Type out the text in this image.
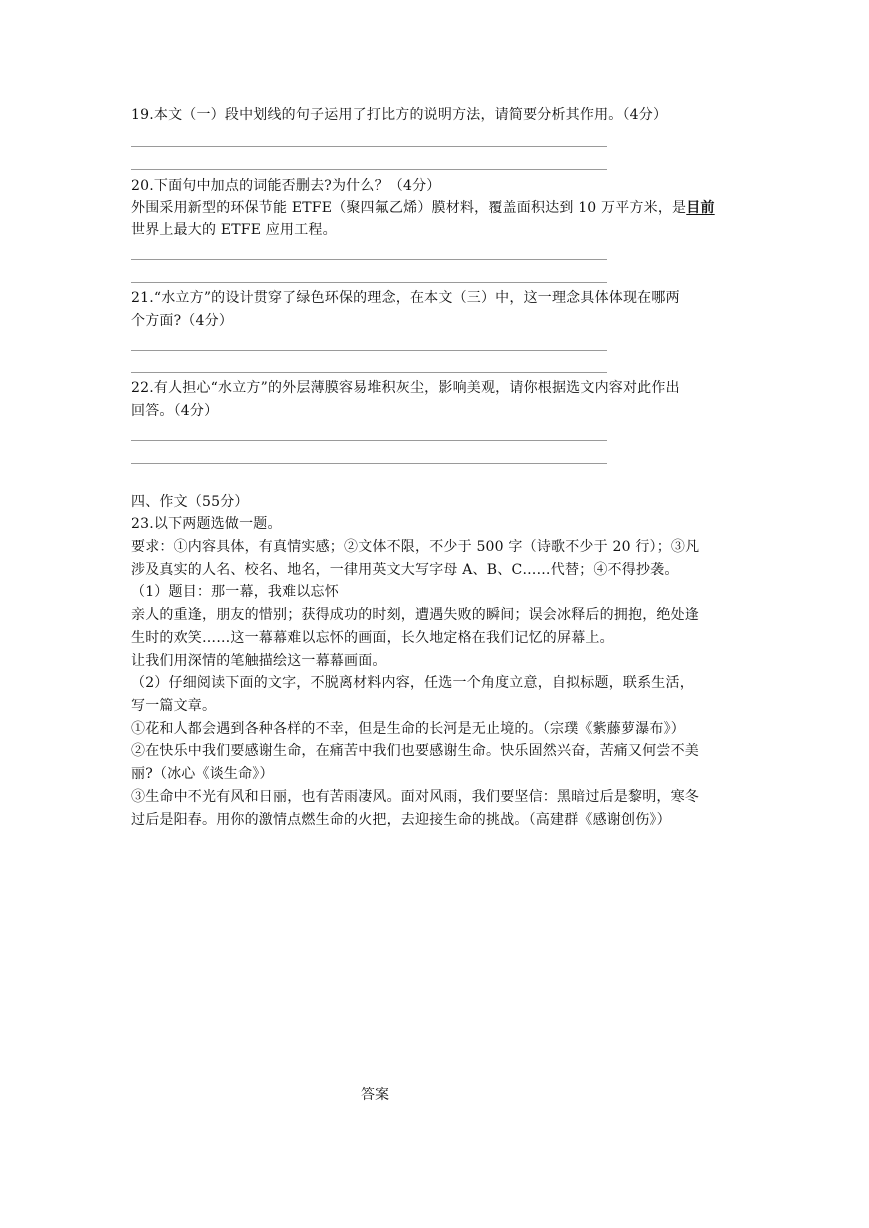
19.本文（一）段中划线的句子运用了打比方的说明方法，请简要分析其作用。（4分）
20.下面句中加点的词能否删去?为什么？（4分）
外围采用新型的环保节能 ETFE（聚四氟乙烯）膜材料，覆盖面积达到 10 万平方米，是目前
世界上最大的 ETFE 应用工程。
21.“水立方”的设计贯穿了绿色环保的理念，在本文（三）中，这一理念具体体现在哪两
个方面?（4分）
22.有人担心“水立方”的外层薄膜容易堆积灰尘，影响美观，请你根据选文内容对此作出
回答。（4分）
四、作文（55分）
23.以下两题选做一题。
要求：①内容具体，有真情实感；②文体不限，不少于 500 字（诗歌不少于 20 行）；③凡
涉及真实的人名、校名、地名，一律用英文大写字母 A、B、C……代替；④不得抄袭。
（1）题目：那一幕，我难以忘怀
亲人的重逢，朋友的惜别；获得成功的时刻，遭遇失败的瞬间；误会冰释后的拥抱，绝处逢
生时的欢笑……这一幕幕难以忘怀的画面，长久地定格在我们记忆的屏幕上。
让我们用深情的笔触描绘这一幕幕画面。
（2）仔细阅读下面的文字，不脱离材料内容，任选一个角度立意，自拟标题，联系生活，
写一篇文章。
①花和人都会遇到各种各样的不幸，但是生命的长河是无止境的。（宗璞《紫藤萝瀑布》）
②在快乐中我们要感谢生命，在痛苦中我们也要感谢生命。快乐固然兴奋，苦痛又何尝不美
丽?（冰心《谈生命》）
③生命中不光有风和日丽，也有苦雨凄风。面对风雨，我们要坚信：黑暗过后是黎明，寒冬
过后是阳春。用你的激情点燃生命的火把，去迎接生命的挑战。（高建群《感谢创伤》）
答案
